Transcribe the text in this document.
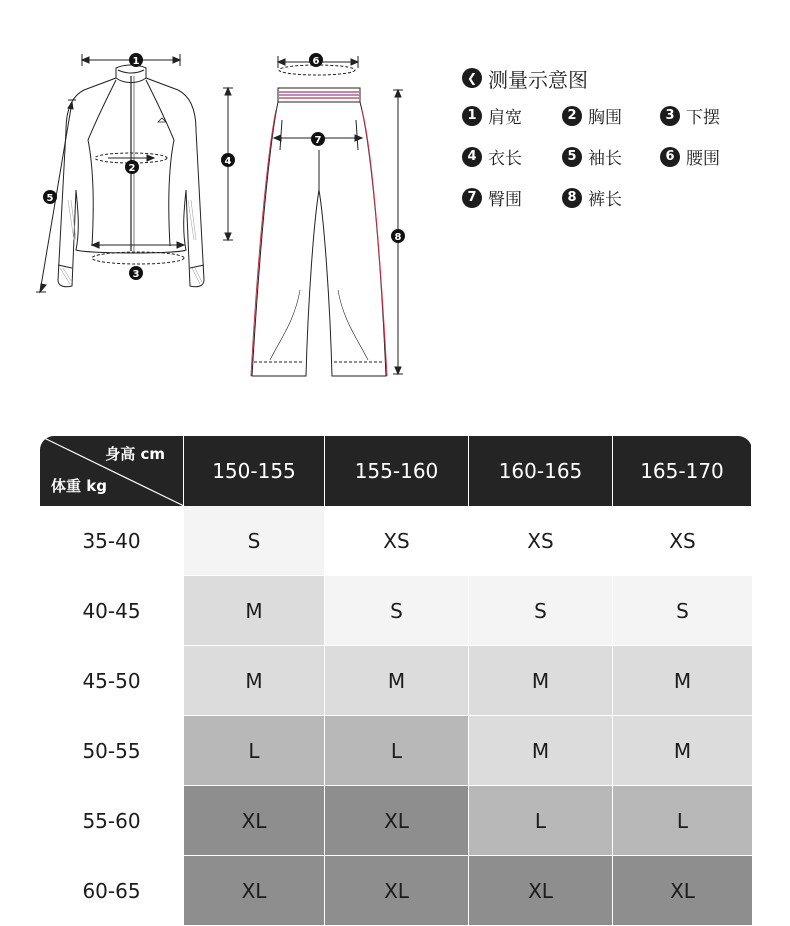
1
2
3
4
5
6
7
8
❮ 测量示意图
1 肩宽	2 胸围	3 下摆
4 衣长	5 袖长	6 腰围
7 臀围	8 裤长
身高 cm
体重 kg
150-155	155-160	160-165	165-170
35-40	S	XS	XS	XS
40-45	M	S	S	S
45-50	M	M	M	M
50-55	L	L	M	M
55-60	XL	XL	L	L
60-65	XL	XL	XL	XL
